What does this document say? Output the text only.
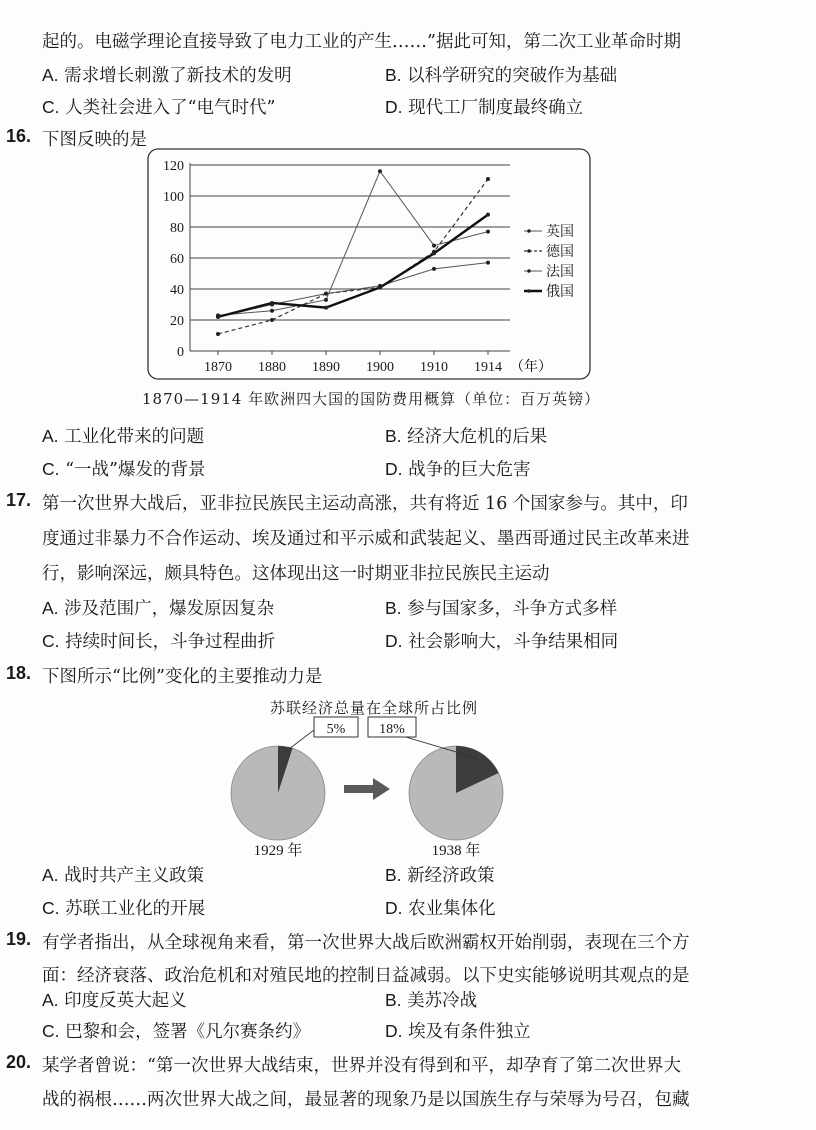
起的。电磁学理论直接导致了电力工业的产生……”据此可知，第二次工业革命时期
A. 需求增长刺激了新技术的发明	B. 以科学研究的突破作为基础
C. 人类社会进入了“电气时代”	D. 现代工厂制度最终确立
16. 下图反映的是
0
20
40
60
80
100
120
1870 1880 1890 1900 1910 1914
英国
德国
法国
俄国
（年）
1870—1914 年欧洲四大国的国防费用概算（单位：百万英镑）
A. 工业化带来的问题	B. 经济大危机的后果
C. “一战”爆发的背景	D. 战争的巨大危害
17. 第一次世界大战后，亚非拉民族民主运动高涨，共有将近 16 个国家参与。其中，印
度通过非暴力不合作运动、埃及通过和平示威和武装起义、墨西哥通过民主改革来进
行，影响深远，颇具特色。这体现出这一时期亚非拉民族民主运动
A. 涉及范围广，爆发原因复杂	B. 参与国家多，斗争方式多样
C. 持续时间长，斗争过程曲折	D. 社会影响大，斗争结果相同
18. 下图所示“比例”变化的主要推动力是
苏联经济总量在全球所占比例
5%
1929 年
18%
1938 年
A. 战时共产主义政策	B. 新经济政策
C. 苏联工业化的开展	D. 农业集体化
19. 有学者指出，从全球视角来看，第一次世界大战后欧洲霸权开始削弱，表现在三个方
面：经济衰落、政治危机和对殖民地的控制日益减弱。以下史实能够说明其观点的是
A. 印度反英大起义	B. 美苏冷战
C. 巴黎和会，签署《凡尔赛条约》	D. 埃及有条件独立
20. 某学者曾说：“第一次世界大战结束，世界并没有得到和平，却孕育了第二次世界大
战的祸根……两次世界大战之间，最显著的现象乃是以国族生存与荣辱为号召，包藏
